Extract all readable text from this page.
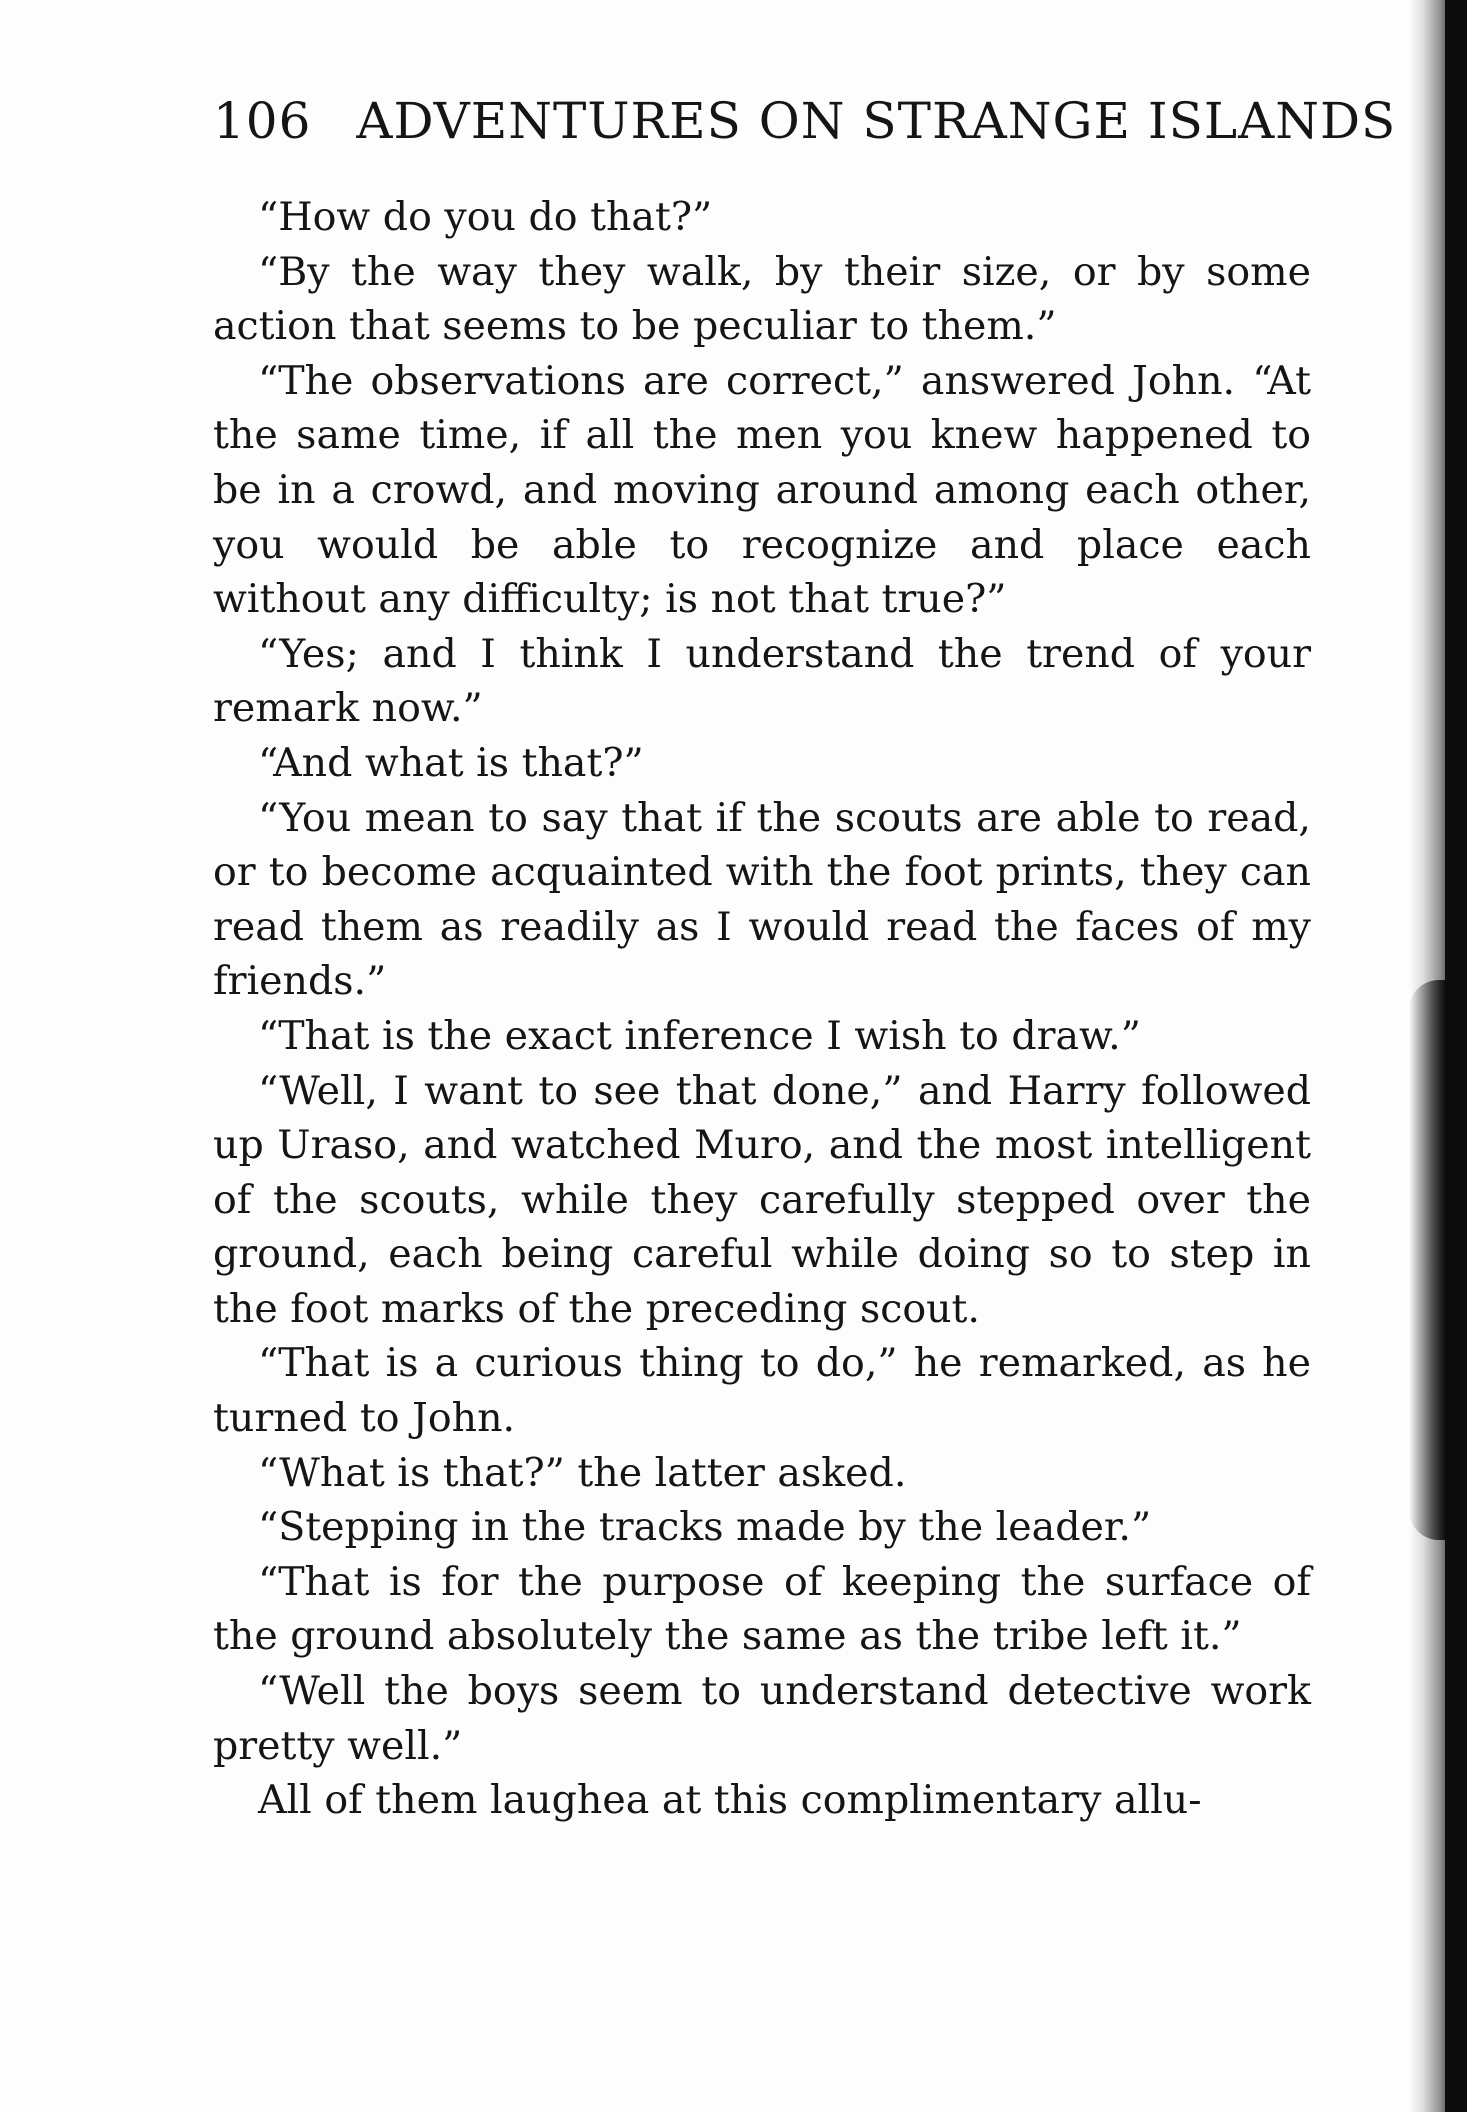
106 ADVENTURES ON STRANGE ISLANDS

“How do you do that?”

“By the way they walk, by their size, or by some action that seems to be peculiar to them.”

“The observations are correct,” answered John. “At the same time, if all the men you knew happened to be in a crowd, and moving around among each other, you would be able to recognize and place each without any difficulty; is not that true?”

“Yes; and I think I understand the trend of your remark now.”

“And what is that?”

“You mean to say that if the scouts are able to read, or to become acquainted with the foot prints, they can read them as readily as I would read the faces of my friends.”

“That is the exact inference I wish to draw.”

“Well, I want to see that done,” and Harry followed up Uraso, and watched Muro, and the most intelligent of the scouts, while they carefully stepped over the ground, each being careful while doing so to step in the foot marks of the preceding scout.

“That is a curious thing to do,” he remarked, as he turned to John.

“What is that?” the latter asked.

“Stepping in the tracks made by the leader.”

“That is for the purpose of keeping the surface of the ground absolutely the same as the tribe left it.”

“Well the boys seem to understand detective work pretty well.”

All of them laughea at this complimentary allu-
